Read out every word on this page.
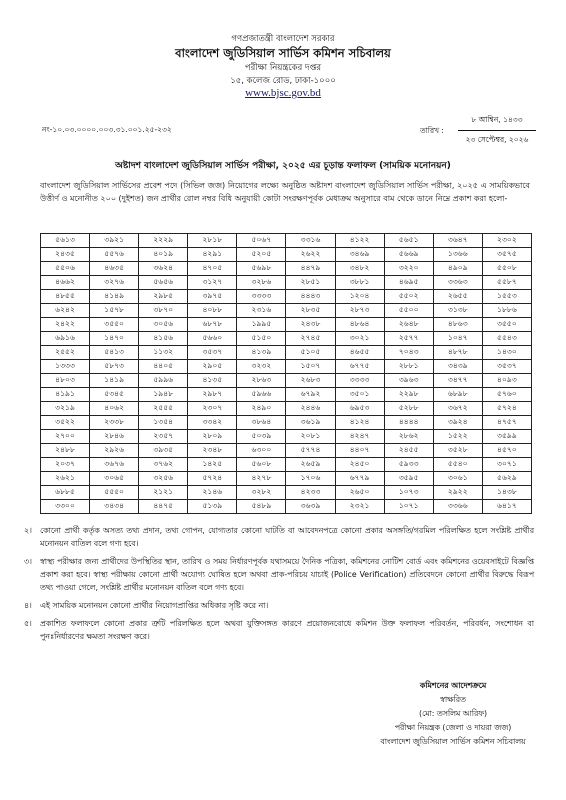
গণপ্রজাতন্ত্রী বাংলাদেশ সরকার
বাংলাদেশ জুডিসিয়াল সার্ভিস কমিশন সচিবালয়
পরীক্ষা নিয়ন্ত্রকের দপ্তর
১৫, কলেজ রোড, ঢাকা-১০০০
www.bjsc.gov.bd
নং-১০.০৩.০০০০.০০৩.৩১.০০১.২৫-২৩২	তারিখ :
৮ আশ্বিন, ১৪৩৩
২৩ সেপ্টেম্বর, ২০২৬
অষ্টাদশ বাংলাদেশ জুডিসিয়াল সার্ভিস পরীক্ষা, ২০২৫ এর চূড়ান্ত ফলাফল (সাময়িক মনোনয়ন)
বাংলাদেশ জুডিসিয়াল সার্ভিসের প্রবেশ পদে (সিভিল জজ) নিয়োগের লক্ষ্যে অনুষ্ঠিত অষ্টাদশ বাংলাদেশ জুডিসিয়াল সার্ভিস পরীক্ষা, ২০২৫ এ সাময়িকভাবে উত্তীর্ণ ও মনোনীত ২০০ (দুইশত) জন প্রার্থীর রোল নম্বর বিধি অনুযায়ী কোটা সংরক্ষণপূর্বক মেধাক্রম অনুসারে বাম থেকে ডানে নিম্নে প্রকাশ করা হলো-
৫৬১৩	৩৯২১	২২২৯	২৮১৮	৫০৬৭	৩৩১৬	৪১২২	৫৬৫১	৩৬৪৭	২৩০২
২৪৩৫	৫৫৭৬	৪০১৯	৪২৯১	৫২০৫	২৬২২	৩৪৬৯	৫৬৬৯	১৩৬৬	৩৫৭৫
৫৫০৬	৪৬৩৫	৩৬২৪	৪৭০৫	৫৬৯৮	৪৪৭৯	৩৪৮২	৩২২০	৪৯০৯	৫৫০৮
৪৬৬২	৩২৭৬	৫৬৫৬	৩১২৭	৩২৮৬	২৮৫১	৩৮৮১	৪৬৯৫	৩৩৬৩	৫৫৮৭
৪৮৫৫	৪১৪৯	২৯৮৫	৩৯৭৫	৩৩৩৩	৪৪৪৩	১২০৪	৫৫০২	২৬৫৫	১৫৫৩
৬২৪২	১৫৭৮	৩৮৭০	৪০৮৮	২৩১৬	২৮৩৫	২৮৭৩	৫৫০০	৩১৩৮	১৮৮৬
২৪২২	৩৫৫০	৩০৫৬	৬৮৭৮	১৯৯৫	২৪৩৮	৪৮৬৪	২৬৪৮	৪৮৬৩	৩৫৫০
৬৯১৬	১৪৭০	৪১৫৬	৫৬৬০	৫১৫০	২৭৪৫	৩০২১	২৫৭৭	১০৪৭	৫৫৪৩
২৫৫২	৫৪১৩	১১৩২	৩৫৩৭	৪১৩৯	৫১০৫	৪৬৫৫	৭০৪৩	৪৮৭৮	১৪৩০
১৩৩৩	৫৮৭৩	৪৪০৫	২৯০৫	৩২৩২	১৫০৭	৬৭৭৫	২৮৮১	৩৪৩৯	৩৫৩৭
৪৮০৩	১৪১৯	৫৯৯৬	৪১৩৫	২৮৬৩	২৬৮৩	৩৩৩৩	৩৯৬৩	৩৪৭৭	৪০৯৩
৪১৯১	৫৩৪৫	১৯৪৮	২৯৮৭	৫৯৬৬	৬৭৯২	৩৫০১	২২৯৮	৬৮৯৮	৫৭৬০
৩২১৯	৪০৬২	২৫৫৫	২৩০৭	২৪৯০	২৪৪৬	৬৯৫৩	৫২৮৮	৩৬৭২	৫৭২৪
৩৫২২	২৩৩৮	১৩৫৪	৩৩৪২	৩৮৬৪	৩৬১৯	৪১২৪	৪৪৪৪	৩৯২৪	৪৭৫৭
২৭০০	২৮৪৬	২৩৫৭	২৮০৯	৫০৩৯	২০৮১	৪২৪৭	২৮৬২	১৫২২	৩৫৯৯
২৪৮৮	২৯২৬	৩৯৩৫	২৩৪৮	৬৩০০	৫৭৭৪	৪৪০৭	২৪৫৫	৩৫২৮	৪৫৭০
২০৩৭	৩৬৭৬	৩৭৬২	১৪২৫	৫৬০৮	২৬৫৯	২৪৫০	৫৯৩৩	৫৫৪০	৩০৭১
২৬২১	৩০৬৫	৩২৫৬	৫৭২৪	৪২৭৮	১৭০৬	৬৭৭৯	৩৫৯৫	৩০৬১	৫৬২৯
৬৮৮৫	৫৫৫০	২১২১	২১৪৬	৩২৮২	৪২৩৩	২৬৫০	১০৭৩	২৯২২	১৪৩৮
৩৩০০	৩৪৩৪	৪৪৭৫	৫১৩৯	৫৪৮৯	৩৬৩৯	২৩২১	১০৭১	৩৩৬৬	৬৪১৭
২।	কোনো প্রার্থী কর্তৃক অসত্য তথ্য প্রদান, তথ্য গোপন, যোগ্যতার কোনো ঘাটতি বা আবেদনপত্রে কোনো প্রকার অসঙ্গতি/গরমিল পরিলক্ষিত হলে সংশ্লিষ্ট প্রার্থীর মনোনয়ন বাতিল বলে গণ্য হবে।
৩।	স্বাস্থ্য পরীক্ষার জন্য প্রার্থীদের উপস্থিতির স্থান, তারিখ ও সময় নির্ধারণপূর্বক যথাসময়ে দৈনিক পত্রিকা, কমিশনের নোটিশ বোর্ড এবং কমিশনের ওয়েবসাইটে বিজ্ঞপ্তি প্রকাশ করা হবে। স্বাস্থ্য পরীক্ষায় কোনো প্রার্থী অযোগ্য ঘোষিত হলে অথবা প্রাক-পরিচয় যাচাই (Police Verification) প্রতিবেদনে কোনো প্রার্থীর বিরুদ্ধে বিরূপ তথ্য পাওয়া গেলে, সংশ্লিষ্ট প্রার্থীর মনোনয়ন বাতিল বলে গণ্য হবে।
৪।	এই সাময়িক মনোনয়ন কোনো প্রার্থীর নিয়োগপ্রাপ্তির অধিকার সৃষ্টি করে না।
৫।	প্রকাশিত ফলাফলে কোনো প্রকার ত্রুটি পরিলক্ষিত হলে অথবা যুক্তিসঙ্গত কারণে প্রয়োজনবোধে কমিশন উক্ত ফলাফল পরিবর্তন, পরিবর্ধন, সংশোধন বা পুনঃনির্ধারণের ক্ষমতা সংরক্ষণ করে।
কমিশনের আদেশক্রমে
স্বাক্ষরিত
(মো: তসলিম আরিফ)
পরীক্ষা নিয়ন্ত্রক (জেলা ও দায়রা জজ)
বাংলাদেশ জুডিসিয়াল সার্ভিস কমিশন সচিবালয়
